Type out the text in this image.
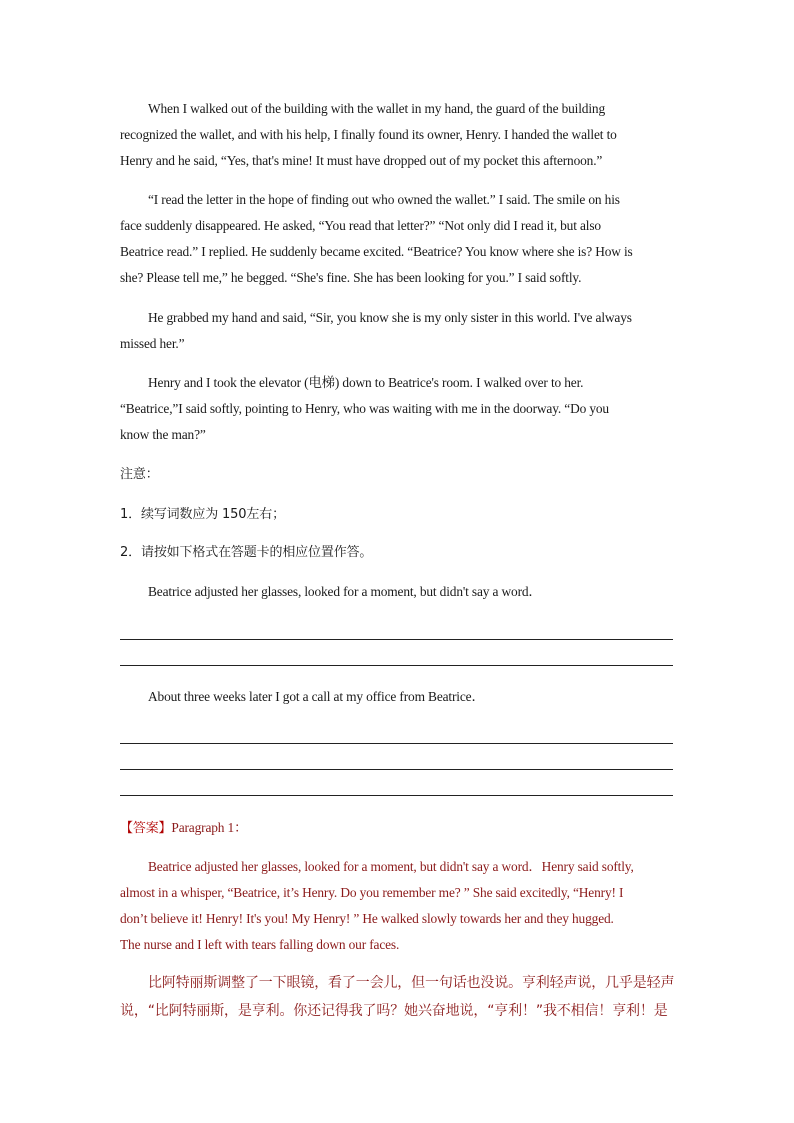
When I walked out of the building with the wallet in my hand, the guard of the building
recognized the wallet, and with his help, I finally found its owner, Henry. I handed the wallet to
Henry and he said, “Yes, that's mine! It must have dropped out of my pocket this afternoon.”

“I read the letter in the hope of finding out who owned the wallet.” I said. The smile on his
face suddenly disappeared. He asked, “You read that letter?” “Not only did I read it, but also
Beatrice read.” I replied. He suddenly became excited. “Beatrice? You know where she is? How is
she? Please tell me,” he begged. “She's fine. She has been looking for you.” I said softly.

He grabbed my hand and said, “Sir, you know she is my only sister in this world. I've always
missed her.”

Henry and I took the elevator (电梯) down to Beatrice's room. I walked over to her.
“Beatrice,”I said softly, pointing to Henry, who was waiting with me in the doorway. “Do you
know the man?”

注意：

1．续写词数应为 150左右；

2．请按如下格式在答题卡的相应位置作答。

Beatrice adjusted her glasses, looked for a moment, but didn't say a word．

About three weeks later I got a call at my office from Beatrice．

【答案】Paragraph 1：

Beatrice adjusted her glasses, looked for a moment, but didn't say a word．Henry said softly,
almost in a whisper, “Beatrice, it’s Henry. Do you remember me? ” She said excitedly, “Henry! I
don’t believe it! Henry! It's you! My Henry! ” He walked slowly towards her and they hugged.
The nurse and I left with tears falling down our faces.

比阿特丽斯调整了一下眼镜，看了一会儿，但一句话也没说。亨利轻声说，几乎是轻声
说，“比阿特丽斯，是亨利。你还记得我了吗？她兴奋地说，“亨利！”我不相信！亨利！是
